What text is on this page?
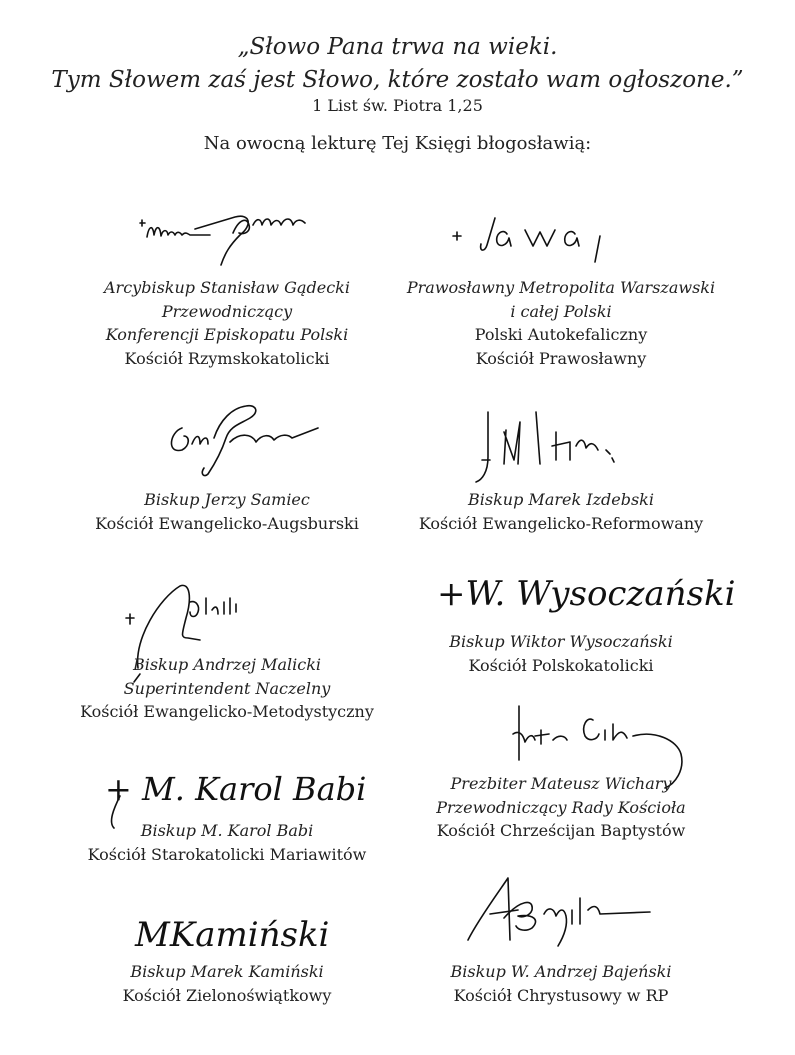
„Słowo Pana trwa na wieki.
Tym Słowem zaś jest Słowo, które zostało wam ogłoszone.”
1 List św. Piotra 1,25
Na owocną lekturę Tej Księgi błogosławią:
+W. Wysoczański
+ M. Karol Babi
MKamiński
+ Sawa,
Arcybiskup Stanisław Gądecki
Przewodniczący
Konferencji Episkopatu Polski
Kościół Rzymskokatolicki
Prawosławny Metropolita Warszawski
i całej Polski
Polski Autokefaliczny
Kościół Prawosławny
Biskup Jerzy Samiec
Kościół Ewangelicko-Augsburski
Biskup Marek Izdebski
Kościół Ewangelicko-Reformowany
Biskup Andrzej Malicki
Superintendent Naczelny
Kościół Ewangelicko-Metodystyczny
Biskup Wiktor Wysoczański
Kościół Polskokatolicki
Biskup M. Karol Babi
Kościół Starokatolicki Mariawitów
Prezbiter Mateusz Wichary
Przewodniczący Rady Kościoła
Kościół Chrześcijan Baptystów
Biskup Marek Kamiński
Kościół Zielonoświątkowy
Biskup W. Andrzej Bajeński
Kościół Chrystusowy w RP
